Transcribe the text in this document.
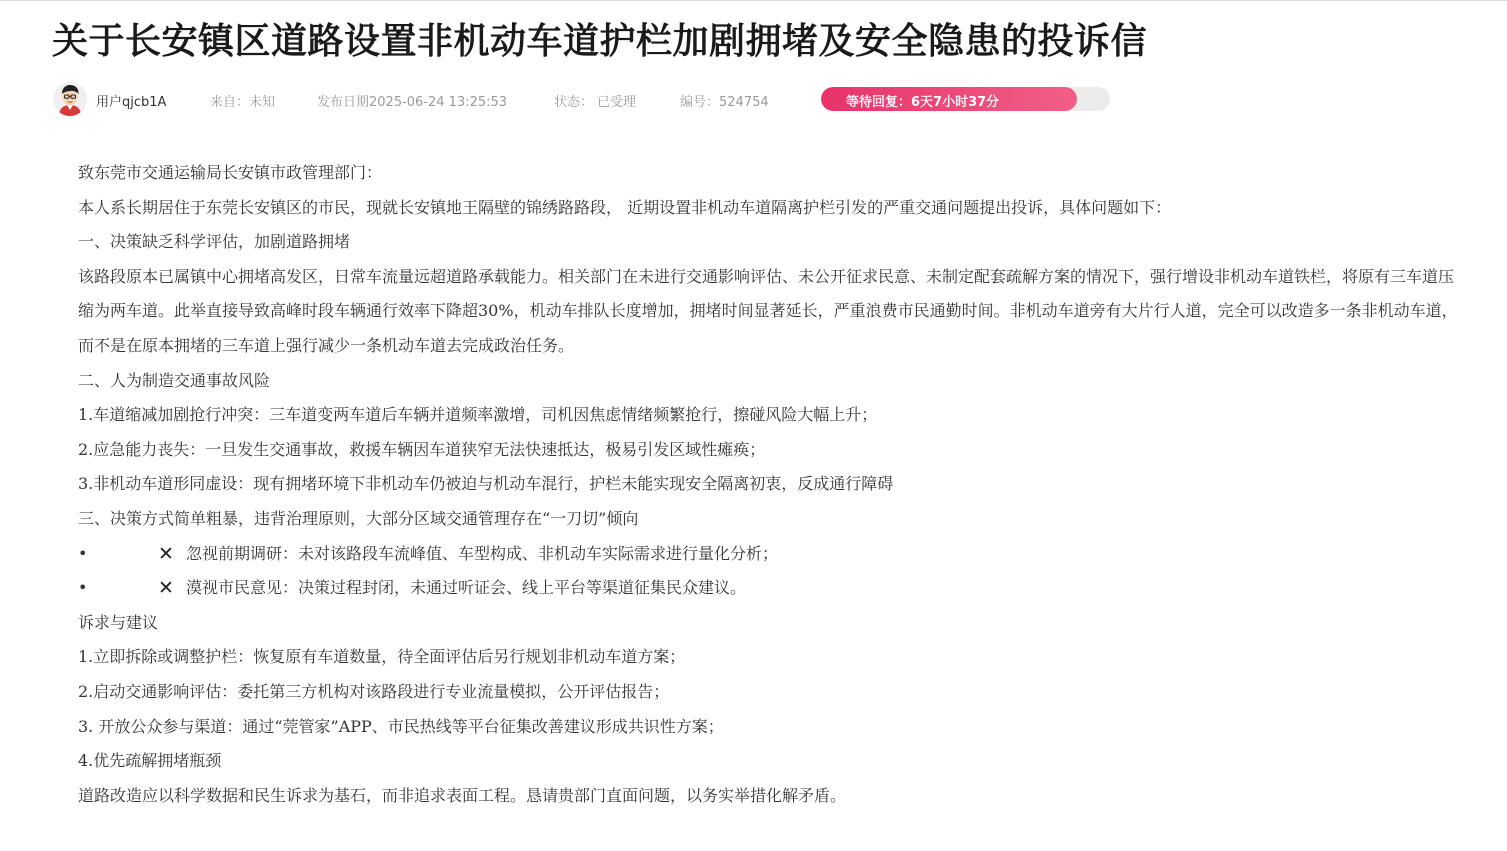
关于长安镇区道路设置非机动车道护栏加剧拥堵及安全隐患的投诉信
用户qjcb1A	来自：未知	发布日期2025-06-24 13:25:53	状态： 已受理	编号：524754	等待回复：6天7小时37分

致东莞市交通运输局长安镇市政管理部门：

本人系长期居住于东莞长安镇区的市民，现就长安镇地王隔壁的锦绣路路段， 近期设置非机动车道隔离护栏引发的严重交通问题提出投诉，具体问题如下：

一、决策缺乏科学评估，加剧道路拥堵

该路段原本已属镇中心拥堵高发区，日常车流量远超道路承载能力。相关部门在未进行交通影响评估、未公开征求民意、未制定配套疏解方案的情况下，强行增设非机动车道铁栏，将原有三车道压缩为两车道。此举直接导致高峰时段车辆通行效率下降超30%，机动车排队长度增加，拥堵时间显著延长，严重浪费市民通勤时间。非机动车道旁有大片行人道，完全可以改造多一条非机动车道，而不是在原本拥堵的三车道上强行减少一条机动车道去完成政治任务。

二、人为制造交通事故风险

1.车道缩减加剧抢行冲突：三车道变两车道后车辆并道频率激增，司机因焦虑情绪频繁抢行，擦碰风险大幅上升；

2.应急能力丧失：一旦发生交通事故，救援车辆因车道狭窄无法快速抵达，极易引发区域性瘫痪；

3.非机动车道形同虚设：现有拥堵环境下非机动车仍被迫与机动车混行，护栏未能实现安全隔离初衷，反成通行障碍

三、决策方式简单粗暴，违背治理原则，大部分区域交通管理存在“一刀切”倾向

•	✕ 忽视前期调研：未对该路段车流峰值、车型构成、非机动车实际需求进行量化分析；
•	✕ 漠视市民意见：决策过程封闭，未通过听证会、线上平台等渠道征集民众建议。

诉求与建议

1.立即拆除或调整护栏：恢复原有车道数量，待全面评估后另行规划非机动车道方案；

2.启动交通影响评估：委托第三方机构对该路段进行专业流量模拟，公开评估报告；

3. 开放公众参与渠道：通过“莞管家”APP、市民热线等平台征集改善建议形成共识性方案；

4.优先疏解拥堵瓶颈

道路改造应以科学数据和民生诉求为基石，而非追求表面工程。恳请贵部门直面问题，以务实举措化解矛盾。
